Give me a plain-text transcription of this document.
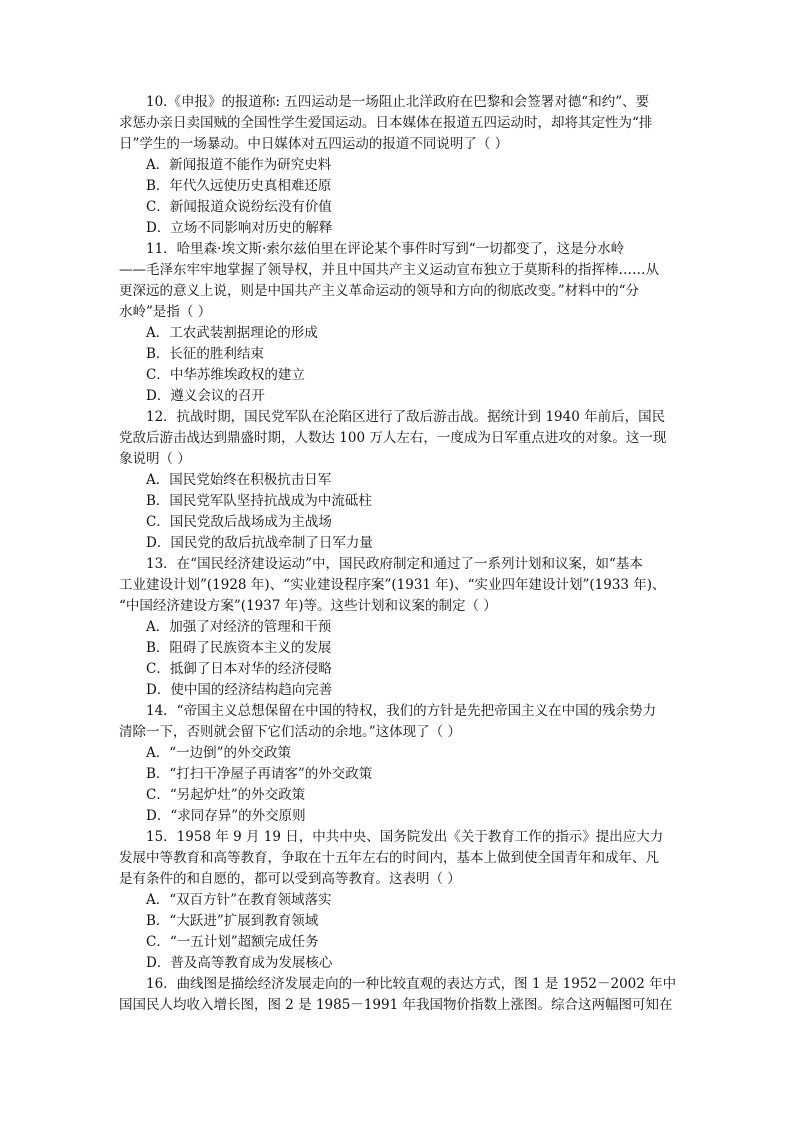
10.《申报》的报道称: 五四运动是一场阻止北洋政府在巴黎和会签署对德“和约”、要
求惩办亲日卖国贼的全国性学生爱国运动。日本媒体在报道五四运动时，却将其定性为“排
日”学生的一场暴动。中日媒体对五四运动的报道不同说明了（ ）
A．新闻报道不能作为研究史料
B．年代久远使历史真相难还原
C．新闻报道众说纷纭没有价值
D．立场不同影响对历史的解释
11．哈里森·埃文斯·索尔兹伯里在评论某个事件时写到“一切都变了，这是分水岭
——毛泽东牢牢地掌握了领导权，并且中国共产主义运动宣布独立于莫斯科的指挥棒……从
更深远的意义上说，则是中国共产主义革命运动的领导和方向的彻底改变。”材料中的“分
水岭”是指（ ）
A．工农武装割据理论的形成
B．长征的胜利结束
C．中华苏维埃政权的建立
D．遵义会议的召开
12．抗战时期，国民党军队在沦陷区进行了敌后游击战。据统计到 1940 年前后，国民
党敌后游击战达到鼎盛时期，人数达 100 万人左右，一度成为日军重点进攻的对象。这一现
象说明（ ）
A．国民党始终在积极抗击日军
B．国民党军队坚持抗战成为中流砥柱
C．国民党敌后战场成为主战场
D．国民党的敌后抗战牵制了日军力量
13．在“国民经济建设运动”中，国民政府制定和通过了一系列计划和议案，如“基本
工业建设计划”(1928 年)、“实业建设程序案”(1931 年)、“实业四年建设计划”(1933 年)、
“中国经济建设方案”(1937 年)等。这些计划和议案的制定（ ）
A．加强了对经济的管理和干预
B．阻碍了民族资本主义的发展
C．抵御了日本对华的经济侵略
D．使中国的经济结构趋向完善
14．“帝国主义总想保留在中国的特权，我们的方针是先把帝国主义在中国的残余势力
清除一下，否则就会留下它们活动的余地。”这体现了（ ）
A．“一边倒”的外交政策
B．“打扫干净屋子再请客”的外交政策
C．“另起炉灶”的外交政策
D．“求同存异”的外交原则
15．1958 年 9 月 19 日，中共中央、国务院发出《关于教育工作的指示》提出应大力
发展中等教育和高等教育，争取在十五年左右的时间内，基本上做到使全国青年和成年、凡
是有条件的和自愿的，都可以受到高等教育。这表明（ ）
A．“双百方针”在教育领域落实
B．“大跃进”扩展到教育领域
C．“一五计划”超额完成任务
D．普及高等教育成为发展核心
16．曲线图是描绘经济发展走向的一种比较直观的表达方式，图 1 是 1952－2002 年中
国国民人均收入增长图，图 2 是 1985－1991 年我国物价指数上涨图。综合这两幅图可知在
